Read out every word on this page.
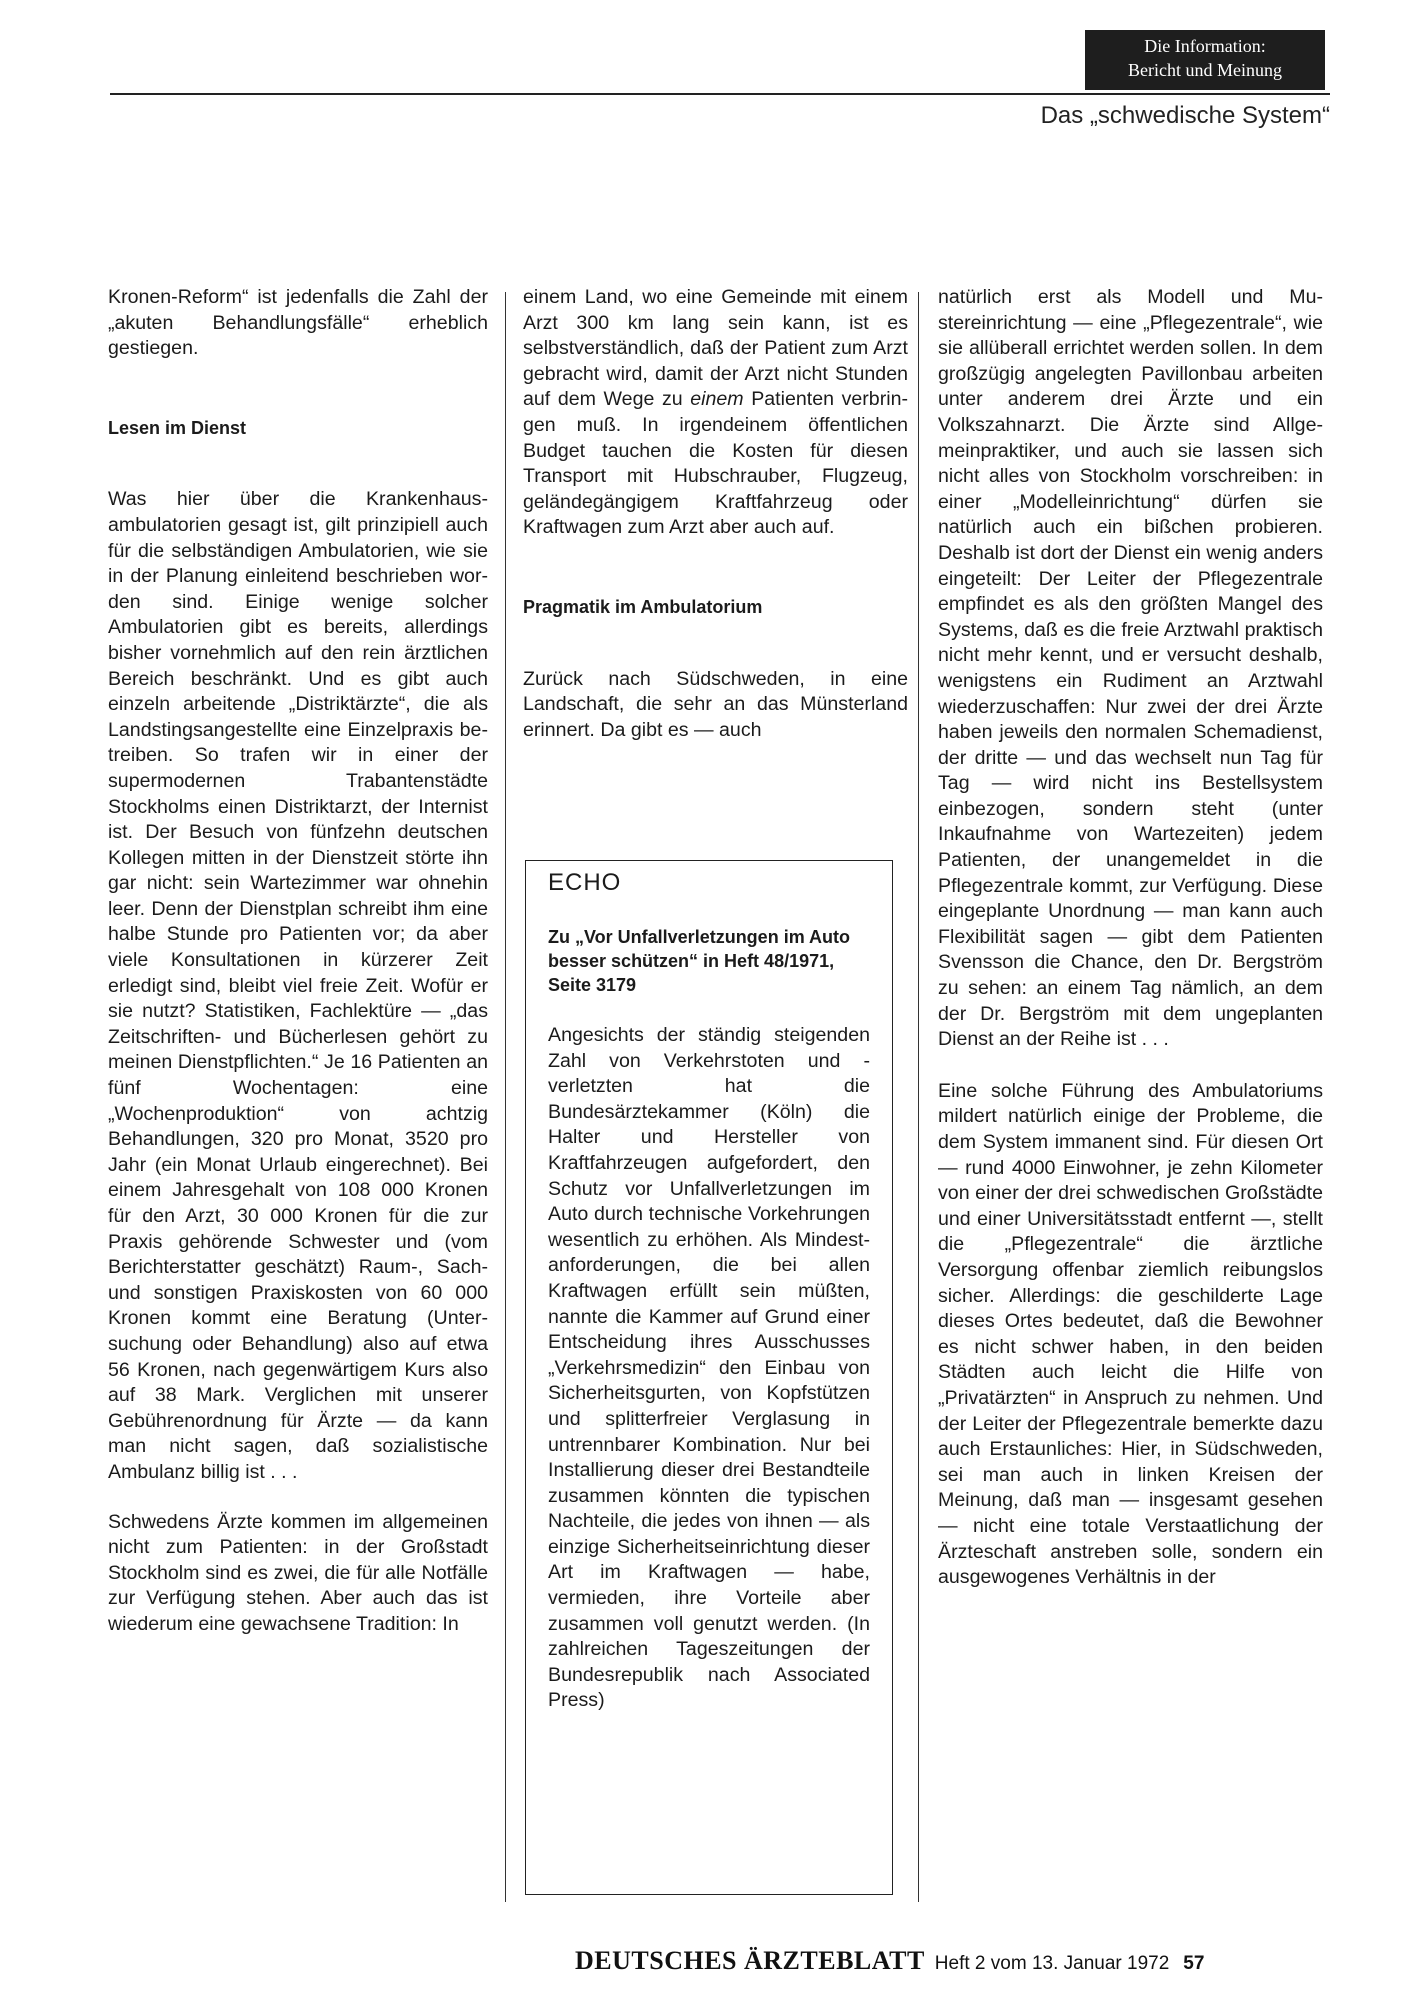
Die Information:
Bericht und Meinung
Das „schwedische System“

Kronen-Reform“ ist jedenfalls die Zahl der „akuten Behandlungsfälle“ erheblich gestiegen.

Lesen im Dienst

Was hier über die Krankenhausambulatorien gesagt ist, gilt prinzipiell auch für die selbständigen Ambulatorien, wie sie in der Planung einleitend beschrieben worden sind. Einige wenige solcher Ambulatorien gibt es bereits, allerdings bisher vornehmlich auf den rein ärztlichen Bereich beschränkt. Und es gibt auch einzeln arbeitende „Distriktärzte“, die als Landstingsangestellte eine Einzelpraxis betreiben. So trafen wir in einer der supermodernen Trabantenstädte Stockholms einen Distriktarzt, der Internist ist. Der Besuch von fünfzehn deutschen Kollegen mitten in der Dienstzeit störte ihn gar nicht: sein Wartezimmer war ohnehin leer. Denn der Dienstplan schreibt ihm eine halbe Stunde pro Patienten vor; da aber viele Konsultationen in kürzerer Zeit erledigt sind, bleibt viel freie Zeit. Wofür er sie nutzt? Statistiken, Fachlektüre — „das Zeitschriften- und Bücherlesen gehört zu meinen Dienstpflichten.“ Je 16 Patienten an fünf Wochentagen: eine „Wochenproduktion“ von achtzig Behandlungen, 320 pro Monat, 3520 pro Jahr (ein Monat Urlaub eingerechnet). Bei einem Jahresgehalt von 108 000 Kronen für den Arzt, 30 000 Kronen für die zur Praxis gehörende Schwester und (vom Berichterstatter geschätzt) Raum-, Sach- und sonstigen Praxiskosten von 60 000 Kronen kommt eine Beratung (Untersuchung oder Behandlung) also auf etwa 56 Kronen, nach gegenwärtigem Kurs also auf 38 Mark. Verglichen mit unserer Gebührenordnung für Ärzte — da kann man nicht sagen, daß sozialistische Ambulanz billig ist . . .

Schwedens Ärzte kommen im allgemeinen nicht zum Patienten: in der Großstadt Stockholm sind es zwei, die für alle Notfälle zur Verfügung stehen. Aber auch das ist wiederum eine gewachsene Tradition: In

einem Land, wo eine Gemeinde mit einem Arzt 300 km lang sein kann, ist es selbstverständlich, daß der Patient zum Arzt gebracht wird, damit der Arzt nicht Stunden auf dem Wege zu einem Patienten verbringen muß. In irgendeinem öffentlichen Budget tauchen die Kosten für diesen Transport mit Hubschrauber, Flugzeug, geländegängigem Kraftfahrzeug oder Kraftwagen zum Arzt aber auch auf.

Pragmatik im Ambulatorium

Zurück nach Südschweden, in eine Landschaft, die sehr an das Münsterland erinnert. Da gibt es — auch

ECHO
Zu „Vor Unfallverletzungen im Auto besser schützen“ in Heft 48/1971, Seite 3179

Angesichts der ständig steigenden Zahl von Verkehrstoten und -verletzten hat die Bundesärztekammer (Köln) die Halter und Hersteller von Kraftfahrzeugen aufgefordert, den Schutz vor Unfallverletzungen im Auto durch technische Vorkehrungen wesentlich zu erhöhen. Als Mindestanforderungen, die bei allen Kraftwagen erfüllt sein müßten, nannte die Kammer auf Grund einer Entscheidung ihres Ausschusses „Verkehrsmedizin“ den Einbau von Sicherheitsgurten, von Kopfstützen und splitterfreier Verglasung in untrennbarer Kombination. Nur bei Installierung dieser drei Bestandteile zusammen könnten die typischen Nachteile, die jedes von ihnen — als einzige Sicherheitseinrichtung dieser Art im Kraftwagen — habe, vermieden, ihre Vorteile aber zusammen voll genutzt werden. (In zahlreichen Tageszeitungen der Bundesrepublik nach Associated Press)

natürlich erst als Modell und Mustereinrichtung — eine „Pflegezentrale“, wie sie allüberall errichtet werden sollen. In dem großzügig angelegten Pavillonbau arbeiten unter anderem drei Ärzte und ein Volkszahnarzt. Die Ärzte sind Allgemeinpraktiker, und auch sie lassen sich nicht alles von Stockholm vorschreiben: in einer „Modelleinrichtung“ dürfen sie natürlich auch ein bißchen probieren. Deshalb ist dort der Dienst ein wenig anders eingeteilt: Der Leiter der Pflegezentrale empfindet es als den größten Mangel des Systems, daß es die freie Arztwahl praktisch nicht mehr kennt, und er versucht deshalb, wenigstens ein Rudiment an Arztwahl wiederzuschaffen: Nur zwei der drei Ärzte haben jeweils den normalen Schemadienst, der dritte — und das wechselt nun Tag für Tag — wird nicht ins Bestellsystem einbezogen, sondern steht (unter Inkaufnahme von Wartezeiten) jedem Patienten, der unangemeldet in die Pflegezentrale kommt, zur Verfügung. Diese eingeplante Unordnung — man kann auch Flexibilität sagen — gibt dem Patienten Svensson die Chance, den Dr. Bergström zu sehen: an einem Tag nämlich, an dem der Dr. Bergström mit dem ungeplanten Dienst an der Reihe ist . . .

Eine solche Führung des Ambulatoriums mildert natürlich einige der Probleme, die dem System immanent sind. Für diesen Ort — rund 4000 Einwohner, je zehn Kilometer von einer der drei schwedischen Großstädte und einer Universitätsstadt entfernt —, stellt die „Pflegezentrale“ die ärztliche Versorgung offenbar ziemlich reibungslos sicher. Allerdings: die geschilderte Lage dieses Ortes bedeutet, daß die Bewohner es nicht schwer haben, in den beiden Städten auch leicht die Hilfe von „Privatärzten“ in Anspruch zu nehmen. Und der Leiter der Pflegezentrale bemerkte dazu auch Erstaunliches: Hier, in Südschweden, sei man auch in linken Kreisen der Meinung, daß man — insgesamt gesehen — nicht eine totale Verstaatlichung der Ärzteschaft anstreben solle, sondern ein ausgewogenes Verhältnis in der

DEUTSCHES ÄRZTEBLATT Heft 2 vom 13. Januar 1972 57
